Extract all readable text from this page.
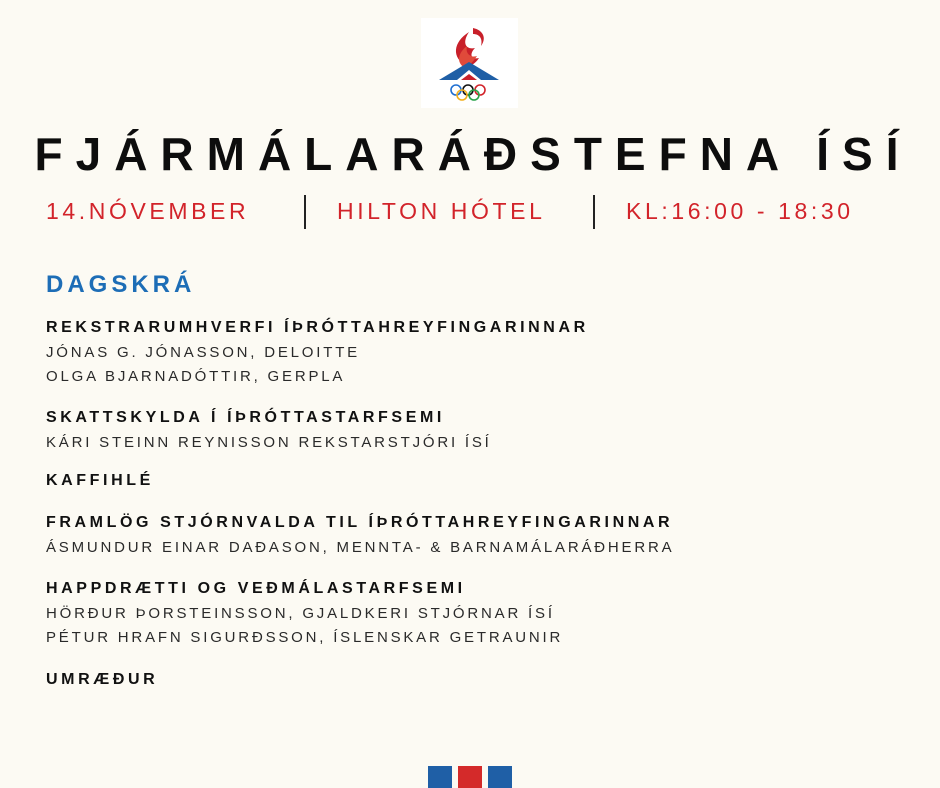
FJÁRMÁLARÁÐSTEFNA ÍSÍ
14.NÓVEMBER	HILTON HÓTEL	KL:16:00 - 18:30
DAGSKRÁ
REKSTRARUMHVERFI ÍÞRÓTTAHREYFINGARINNAR
JÓNAS G. JÓNASSON, DELOITTE
OLGA BJARNADÓTTIR, GERPLA
SKATTSKYLDA Í ÍÞRÓTTASTARFSEMI
KÁRI STEINN REYNISSON REKSTARSTJÓRI ÍSÍ
KAFFIHLÉ
FRAMLÖG STJÓRNVALDA TIL ÍÞRÓTTAHREYFINGARINNAR
ÁSMUNDUR EINAR DAÐASON, MENNTA- & BARNAMÁLARÁÐHERRA
HAPPDRÆTTI OG VEÐMÁLASTARFSEMI
HÖRÐUR ÞORSTEINSSON, GJALDKERI STJÓRNAR ÍSÍ
PÉTUR HRAFN SIGURÐSSON, ÍSLENSKAR GETRAUNIR
UMRÆÐUR
